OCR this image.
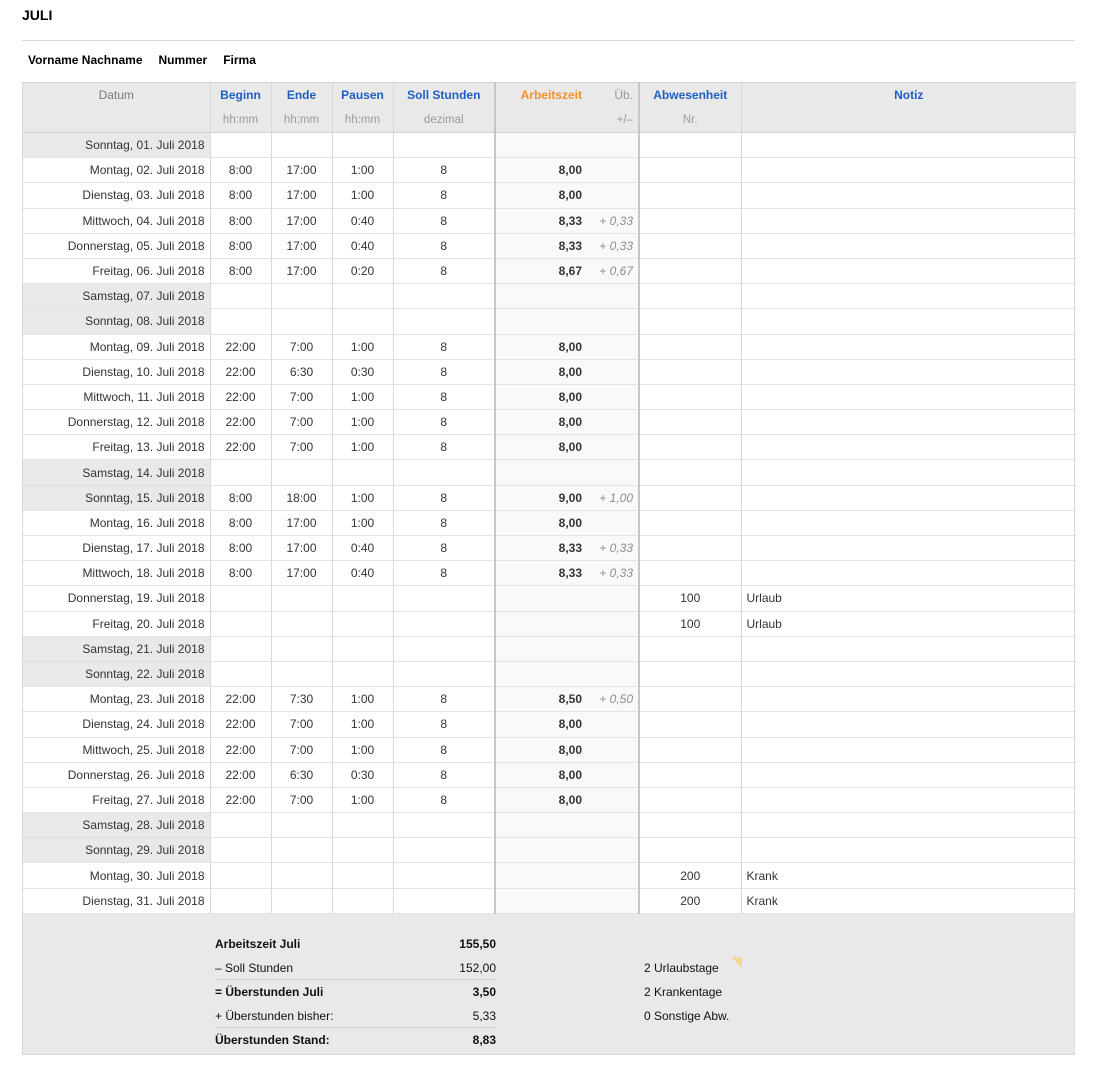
JULI
Vorname Nachname Nummer Firma
Datum	Beginn	Ende	Pausen	Soll Stunden	Arbeitszeit	Üb.	Abwesenheit	Notiz
	hh:mm	hh:mm	hh:mm	dezimal		+/–	Nr.	
Sonntag, 01. Juli 2018								
Montag, 02. Juli 2018	8:00	17:00	1:00	8	8,00			
Dienstag, 03. Juli 2018	8:00	17:00	1:00	8	8,00			
Mittwoch, 04. Juli 2018	8:00	17:00	0:40	8	8,33	+ 0,33		
Donnerstag, 05. Juli 2018	8:00	17:00	0:40	8	8,33	+ 0,33		
Freitag, 06. Juli 2018	8:00	17:00	0:20	8	8,67	+ 0,67		
Samstag, 07. Juli 2018								
Sonntag, 08. Juli 2018								
Montag, 09. Juli 2018	22:00	7:00	1:00	8	8,00			
Dienstag, 10. Juli 2018	22:00	6:30	0:30	8	8,00			
Mittwoch, 11. Juli 2018	22:00	7:00	1:00	8	8,00			
Donnerstag, 12. Juli 2018	22:00	7:00	1:00	8	8,00			
Freitag, 13. Juli 2018	22:00	7:00	1:00	8	8,00			
Samstag, 14. Juli 2018								
Sonntag, 15. Juli 2018	8:00	18:00	1:00	8	9,00	+ 1,00		
Montag, 16. Juli 2018	8:00	17:00	1:00	8	8,00			
Dienstag, 17. Juli 2018	8:00	17:00	0:40	8	8,33	+ 0,33		
Mittwoch, 18. Juli 2018	8:00	17:00	0:40	8	8,33	+ 0,33		
Donnerstag, 19. Juli 2018							100	Urlaub
Freitag, 20. Juli 2018							100	Urlaub
Samstag, 21. Juli 2018								
Sonntag, 22. Juli 2018								
Montag, 23. Juli 2018	22:00	7:30	1:00	8	8,50	+ 0,50		
Dienstag, 24. Juli 2018	22:00	7:00	1:00	8	8,00			
Mittwoch, 25. Juli 2018	22:00	7:00	1:00	8	8,00			
Donnerstag, 26. Juli 2018	22:00	6:30	0:30	8	8,00			
Freitag, 27. Juli 2018	22:00	7:00	1:00	8	8,00			
Samstag, 28. Juli 2018								
Sonntag, 29. Juli 2018								
Montag, 30. Juli 2018							200	Krank
Dienstag, 31. Juli 2018							200	Krank
Arbeitszeit Juli	155,50
– Soll Stunden	152,00
= Überstunden Juli	3,50
+ Überstunden bisher:	5,33
Überstunden Stand:	8,83
2 Urlaubstage
2 Krankentage
0 Sonstige Abw.
